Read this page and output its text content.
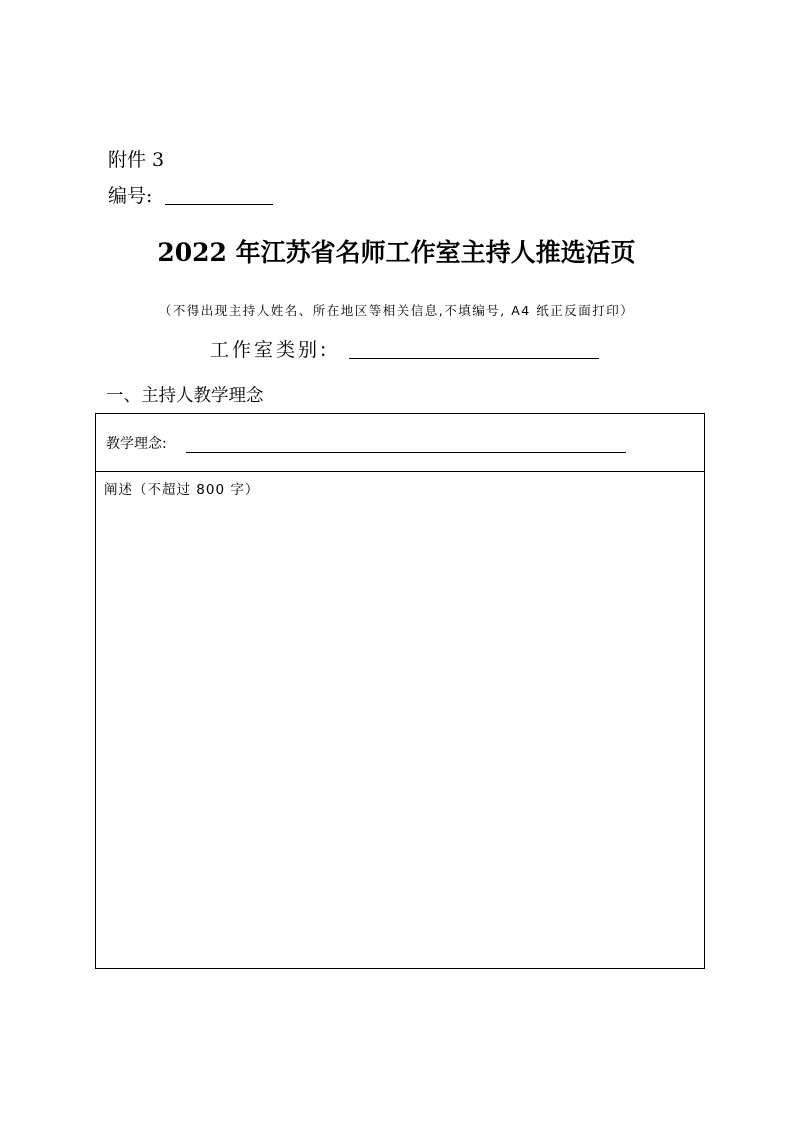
附件 3
编号:
2022 年江苏省名师工作室主持人推选活页
（不得出现主持人姓名、所在地区等相关信息,不填编号, A4 纸正反面打印）
工作室类别:
一、主持人教学理念
教学理念:
阐述（不超过 800 字）
